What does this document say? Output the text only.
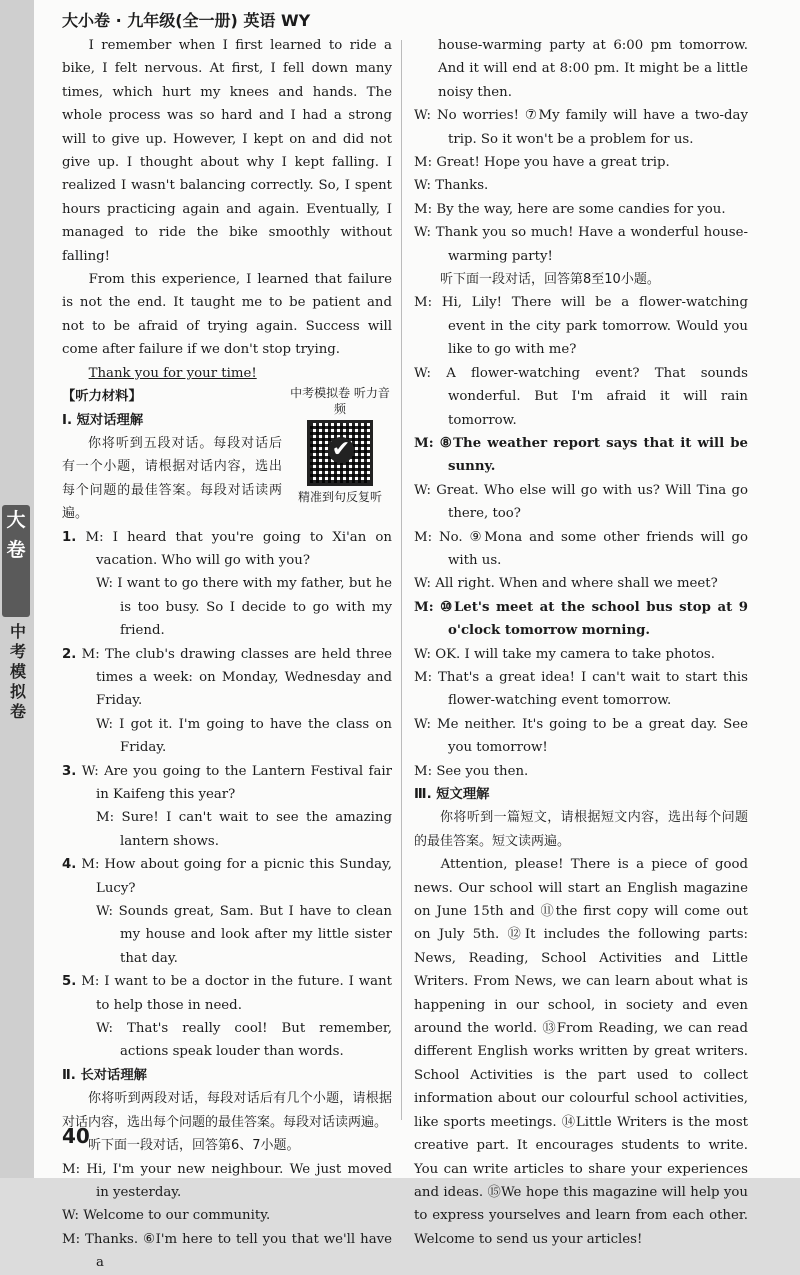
大
卷
中
考
模
拟
卷
大小卷 · 九年级(全一册) 英语 WY

I remember when I first learned to ride a bike, I felt nervous. At first, I fell down many times, which hurt my knees and hands. The whole process was so hard and I had a strong will to give up. However, I kept on and did not give up. I thought about why I kept falling. I realized I wasn't balancing correctly. So, I spent hours practicing again and again. Eventually, I managed to ride the bike smoothly without falling!

From this experience, I learned that failure is not the end. It taught me to be patient and not to be afraid of trying again. Success will come after failure if we don't stop trying.

Thank you for your time!

中考模拟卷 听力音频
✔
精准到句反复听

【听力材料】

Ⅰ. 短对话理解

你将听到五段对话。每段对话后有一个小题，请根据对话内容，选出每个问题的最佳答案。每段对话读两遍。

1. M: I heard that you're going to Xi'an on vacation. Who will go with you?

W: I want to go there with my father, but he is too busy. So I decide to go with my friend.

2. M: The club's drawing classes are held three times a week: on Monday, Wednesday and Friday.

W: I got it. I'm going to have the class on Friday.

3. W: Are you going to the Lantern Festival fair in Kaifeng this year?

M: Sure! I can't wait to see the amazing lantern shows.

4. M: How about going for a picnic this Sunday, Lucy?

W: Sounds great, Sam. But I have to clean my house and look after my little sister that day.

5. M: I want to be a doctor in the future. I want to help those in need.

W: That's really cool! But remember, actions speak louder than words.

Ⅱ. 长对话理解

你将听到两段对话，每段对话后有几个小题，请根据对话内容，选出每个问题的最佳答案。每段对话读两遍。

听下面一段对话，回答第6、7小题。

M: Hi, I'm your new neighbour. We just moved in yesterday.

W: Welcome to our community.

M: Thanks. ⑥I'm here to tell you that we'll have a

house-warming party at 6:00 pm tomorrow. And it will end at 8:00 pm. It might be a little noisy then.

W: No worries! ⑦My family will have a two-day trip. So it won't be a problem for us.

M: Great! Hope you have a great trip.

W: Thanks.

M: By the way, here are some candies for you.

W: Thank you so much! Have a wonderful house-warming party!

听下面一段对话，回答第8至10小题。

M: Hi, Lily! There will be a flower-watching event in the city park tomorrow. Would you like to go with me?

W: A flower-watching event? That sounds wonderful. But I'm afraid it will rain tomorrow.

M: ⑧The weather report says that it will be sunny.

W: Great. Who else will go with us? Will Tina go there, too?

M: No. ⑨Mona and some other friends will go with us.

W: All right. When and where shall we meet?

M: ⑩Let's meet at the school bus stop at 9 o'clock tomorrow morning.

W: OK. I will take my camera to take photos.

M: That's a great idea! I can't wait to start this flower-watching event tomorrow.

W: Me neither. It's going to be a great day. See you tomorrow!

M: See you then.

Ⅲ. 短文理解

你将听到一篇短文，请根据短文内容，选出每个问题的最佳答案。短文读两遍。

Attention, please! There is a piece of good news. Our school will start an English magazine on June 15th and ⑪the first copy will come out on July 5th. ⑫It includes the following parts: News, Reading, School Activities and Little Writers. From News, we can learn about what is happening in our school, in society and even around the world. ⑬From Reading, we can read different English works written by great writers. School Activities is the part used to collect information about our colourful school activities, like sports meetings. ⑭Little Writers is the most creative part. It encourages students to write. You can write articles to share your experiences and ideas. ⑮We hope this magazine will help you to express yourselves and learn from each other. Welcome to send us your articles!

40
